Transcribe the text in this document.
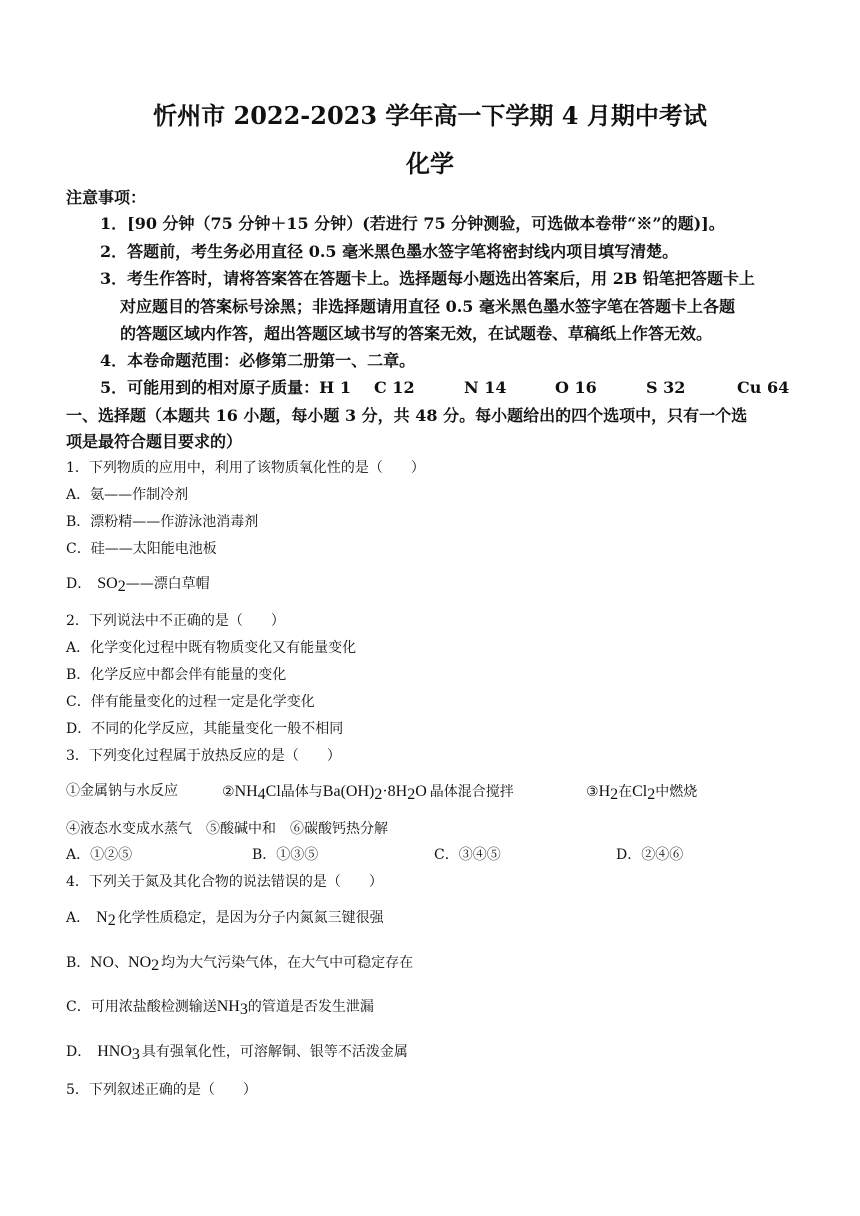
忻州市 2022-2023 学年高一下学期 4 月期中考试
化学
注意事项：
1．[90 分钟（75 分钟＋15 分钟）(若进行 75 分钟测验，可选做本卷带“※”的题)]。
2．答题前，考生务必用直径 0.5 毫米黑色墨水签字笔将密封线内项目填写清楚。
3．考生作答时，请将答案答在答题卡上。选择题每小题选出答案后，用 2B 铅笔把答题卡上
对应题目的答案标号涂黑；非选择题请用直径 0.5 毫米黑色墨水签字笔在答题卡上各题
的答题区域内作答，超出答题区域书写的答案无效，在试题卷、草稿纸上作答无效。
4．本卷命题范围：必修第二册第一、二章。
5．可能用到的相对原子质量：H 1 C 12	N 14	O 16	S 32	Cu 64
一、选择题（本题共 16 小题，每小题 3 分，共 48 分。每小题给出的四个选项中，只有一个选
项是最符合题目要求的）
1．下列物质的应用中，利用了该物质氧化性的是（　　）
A．氨——作制冷剂
B．漂粉精——作游泳池消毒剂
C．硅——太阳能电池板
D． $SO_2——$漂白草帽
2．下列说法中不正确的是（　　）
A．化学变化过程中既有物质变化又有能量变化
B．化学反应中都会伴有能量的变化
C．伴有能量变化的过程一定是化学变化
D．不同的化学反应，其能量变化一般不相同
3．下列变化过程属于放热反应的是（　　）
①金属钠与水反应	$②NH_4Cl$晶体与$Ba(OH)_2\cdot 8H_2O$ 晶体混合搅拌	$③H_2$在$Cl_2$中燃烧
④液态水变成水蒸气　⑤酸碱中和　⑥碳酸钙热分解
A．①②⑤	B．①③⑤	C．③④⑤	D．②④⑥
4．下列关于氮及其化合物的说法错误的是（　　）
A． $N_2$ 化学性质稳定，是因为分子内氮氮三键很强
B．NO、$NO_2$ 均为大气污染气体，在大气中可稳定存在
C．可用浓盐酸检测输送$NH_3$的管道是否发生泄漏
D． $HNO_3$ 具有强氧化性，可溶解铜、银等不活泼金属
5．下列叙述正确的是（　　）
